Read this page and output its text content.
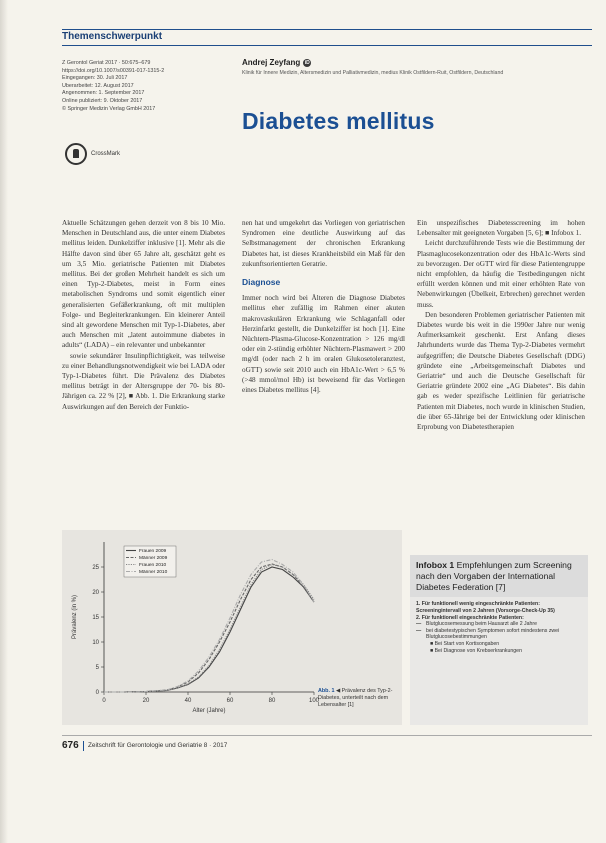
Themenschwerpunkt
Z Gerontol Geriat 2017 · 50:675–679
https://doi.org/10.1007/s00391-017-1315-2
Eingegangen: 30. Juli 2017
Überarbeitet: 12. August 2017
Angenommen: 1. September 2017
Online publiziert: 9. Oktober 2017
© Springer Medizin Verlag GmbH 2017
Andrej Zeyfang iD
Klinik für Innere Medizin, Altersmedizin und Palliativmedizin, medius Klinik Ostfildern-Ruit, Ostfildern, Deutschland
Diabetes mellitus
CrossMark

Aktuelle Schätzungen gehen derzeit von 8 bis 10 Mio. Menschen in Deutschland aus, die unter einem Diabetes mellitus leiden. Dunkelziffer inklusive [1]. Mehr als die Hälfte davon sind über 65 Jahre alt, geschätzt geht es um 3,5 Mio. geriatrische Patienten mit Diabetes mellitus. Bei der großen Mehrheit handelt es sich um einen Typ-2-Diabetes, meist in Form eines metabolischen Syndroms und somit eigentlich einer generalisierten Gefäßerkrankung, oft mit multiplen Folge- und Begleiterkrankungen. Ein kleinerer Anteil sind alt gewordene Menschen mit Typ-1-Diabetes, aber auch Menschen mit „latent autoimmune diabetes in adults“ (LADA) – ein relevanter und unbekannter

sowie sekundärer Insulinpflichtigkeit, was teilweise zu einer Behandlungsnotwendigkeit wie bei LADA oder Typ-1-Diabetes führt. Die Prävalenz des Diabetes mellitus beträgt in der Altersgruppe der 70- bis 80-Jährigen ca. 22 % [2], ■ Abb. 1. Die Erkrankung starke Auswirkungen auf den Bereich der Funktio-

nen hat und umgekehrt das Vorliegen von geriatrischen Syndromen eine deutliche Auswirkung auf das Selbstmanagement der chronischen Erkrankung Diabetes hat, ist dieses Krankheitsbild ein Maß für den zukunftsorientierten Geratrie.

Diagnose

Immer noch wird bei Älteren die Diagnose Diabetes mellitus eher zufällig im Rahmen einer akuten makrovaskulären Erkrankung wie Schlaganfall oder Herzinfarkt gestellt, die Dunkelziffer ist hoch [1]. Eine Nüchtern-Plasma-Glucose-Konzentration > 126 mg/dl oder ein 2-stündig erhöhter Nüchtern-Plasmawert > 200 mg/dl (oder nach 2 h im oralen Glukosetoleranztest, oGTT) sowie seit 2010 auch ein HbA1c-Wert > 6,5 % (>48 mmol/mol Hb) ist beweisend für das Vorliegen eines Diabetes mellitus [4].

Ein unspezifisches Diabetesscreening im hohen Lebensalter mit geeigneten Vorgaben [5, 6]; ■ Infobox 1.

Leicht durchzuführende Tests wie die Bestimmung der Plasmaglucosekonzentration oder des HbA1c-Werts sind zu bevorzugen. Der oGTT wird für diese Patientengruppe nicht empfohlen, da häufig die Testbedingungen nicht erfüllt werden können und mit einer erhöhten Rate von Nebenwirkungen (Übelkeit, Erbrechen) gerechnet werden muss.

Den besonderen Problemen geriatrischer Patienten mit Diabetes wurde bis weit in die 1990er Jahre nur wenig Aufmerksamkeit geschenkt. Erst Anfang dieses Jahrhunderts wurde das Thema Typ-2-Diabetes vermehrt aufgegriffen; die Deutsche Diabetes Gesellschaft (DDG) gründete eine „Arbeitsgemeinschaft Diabetes und Geriatrie“ und auch die Deutsche Gesellschaft für Geriatrie gründete 2002 eine „AG Diabetes“. Bis dahin gab es weder spezifische Leitlinien für geriatrische Patienten mit Diabetes, noch wurde in klinischen Studien, die über 65-Jährige bei der Entwicklung oder klinischen Erprobung von Diabetestherapien

0
5
10
15
20
25
0	20	40	60	80	100
Frauen 2009
Männer 2009
Frauen 2010
Männer 2010
Prävalenz (in %)
Alter (Jahre)
Abb. 1 ◀ Prävalenz des Typ-2-Diabetes, unterteilt nach dem Lebensalter [1]
Infobox 1 Empfehlungen zum Screening nach den Vorgaben der International Diabetes Federation [7]
1. Für funktionell wenig eingeschränkte Patienten: Screeningintervall von 2 Jahren (Vorsorge-Check-Up 35)
2. Für funktionell eingeschränkte Patienten:
— Blutglucosemessung beim Hausarzt alle 2 Jahre
— bei diabetestypischen Symptomen sofort mindestens zwei Blutglucosebestimmungen
■ Bei Start von Kortisongaben
■ Bei Diagnose von Krebserkrankungen
676 Zeitschrift für Gerontologie und Geriatrie 8 · 2017
